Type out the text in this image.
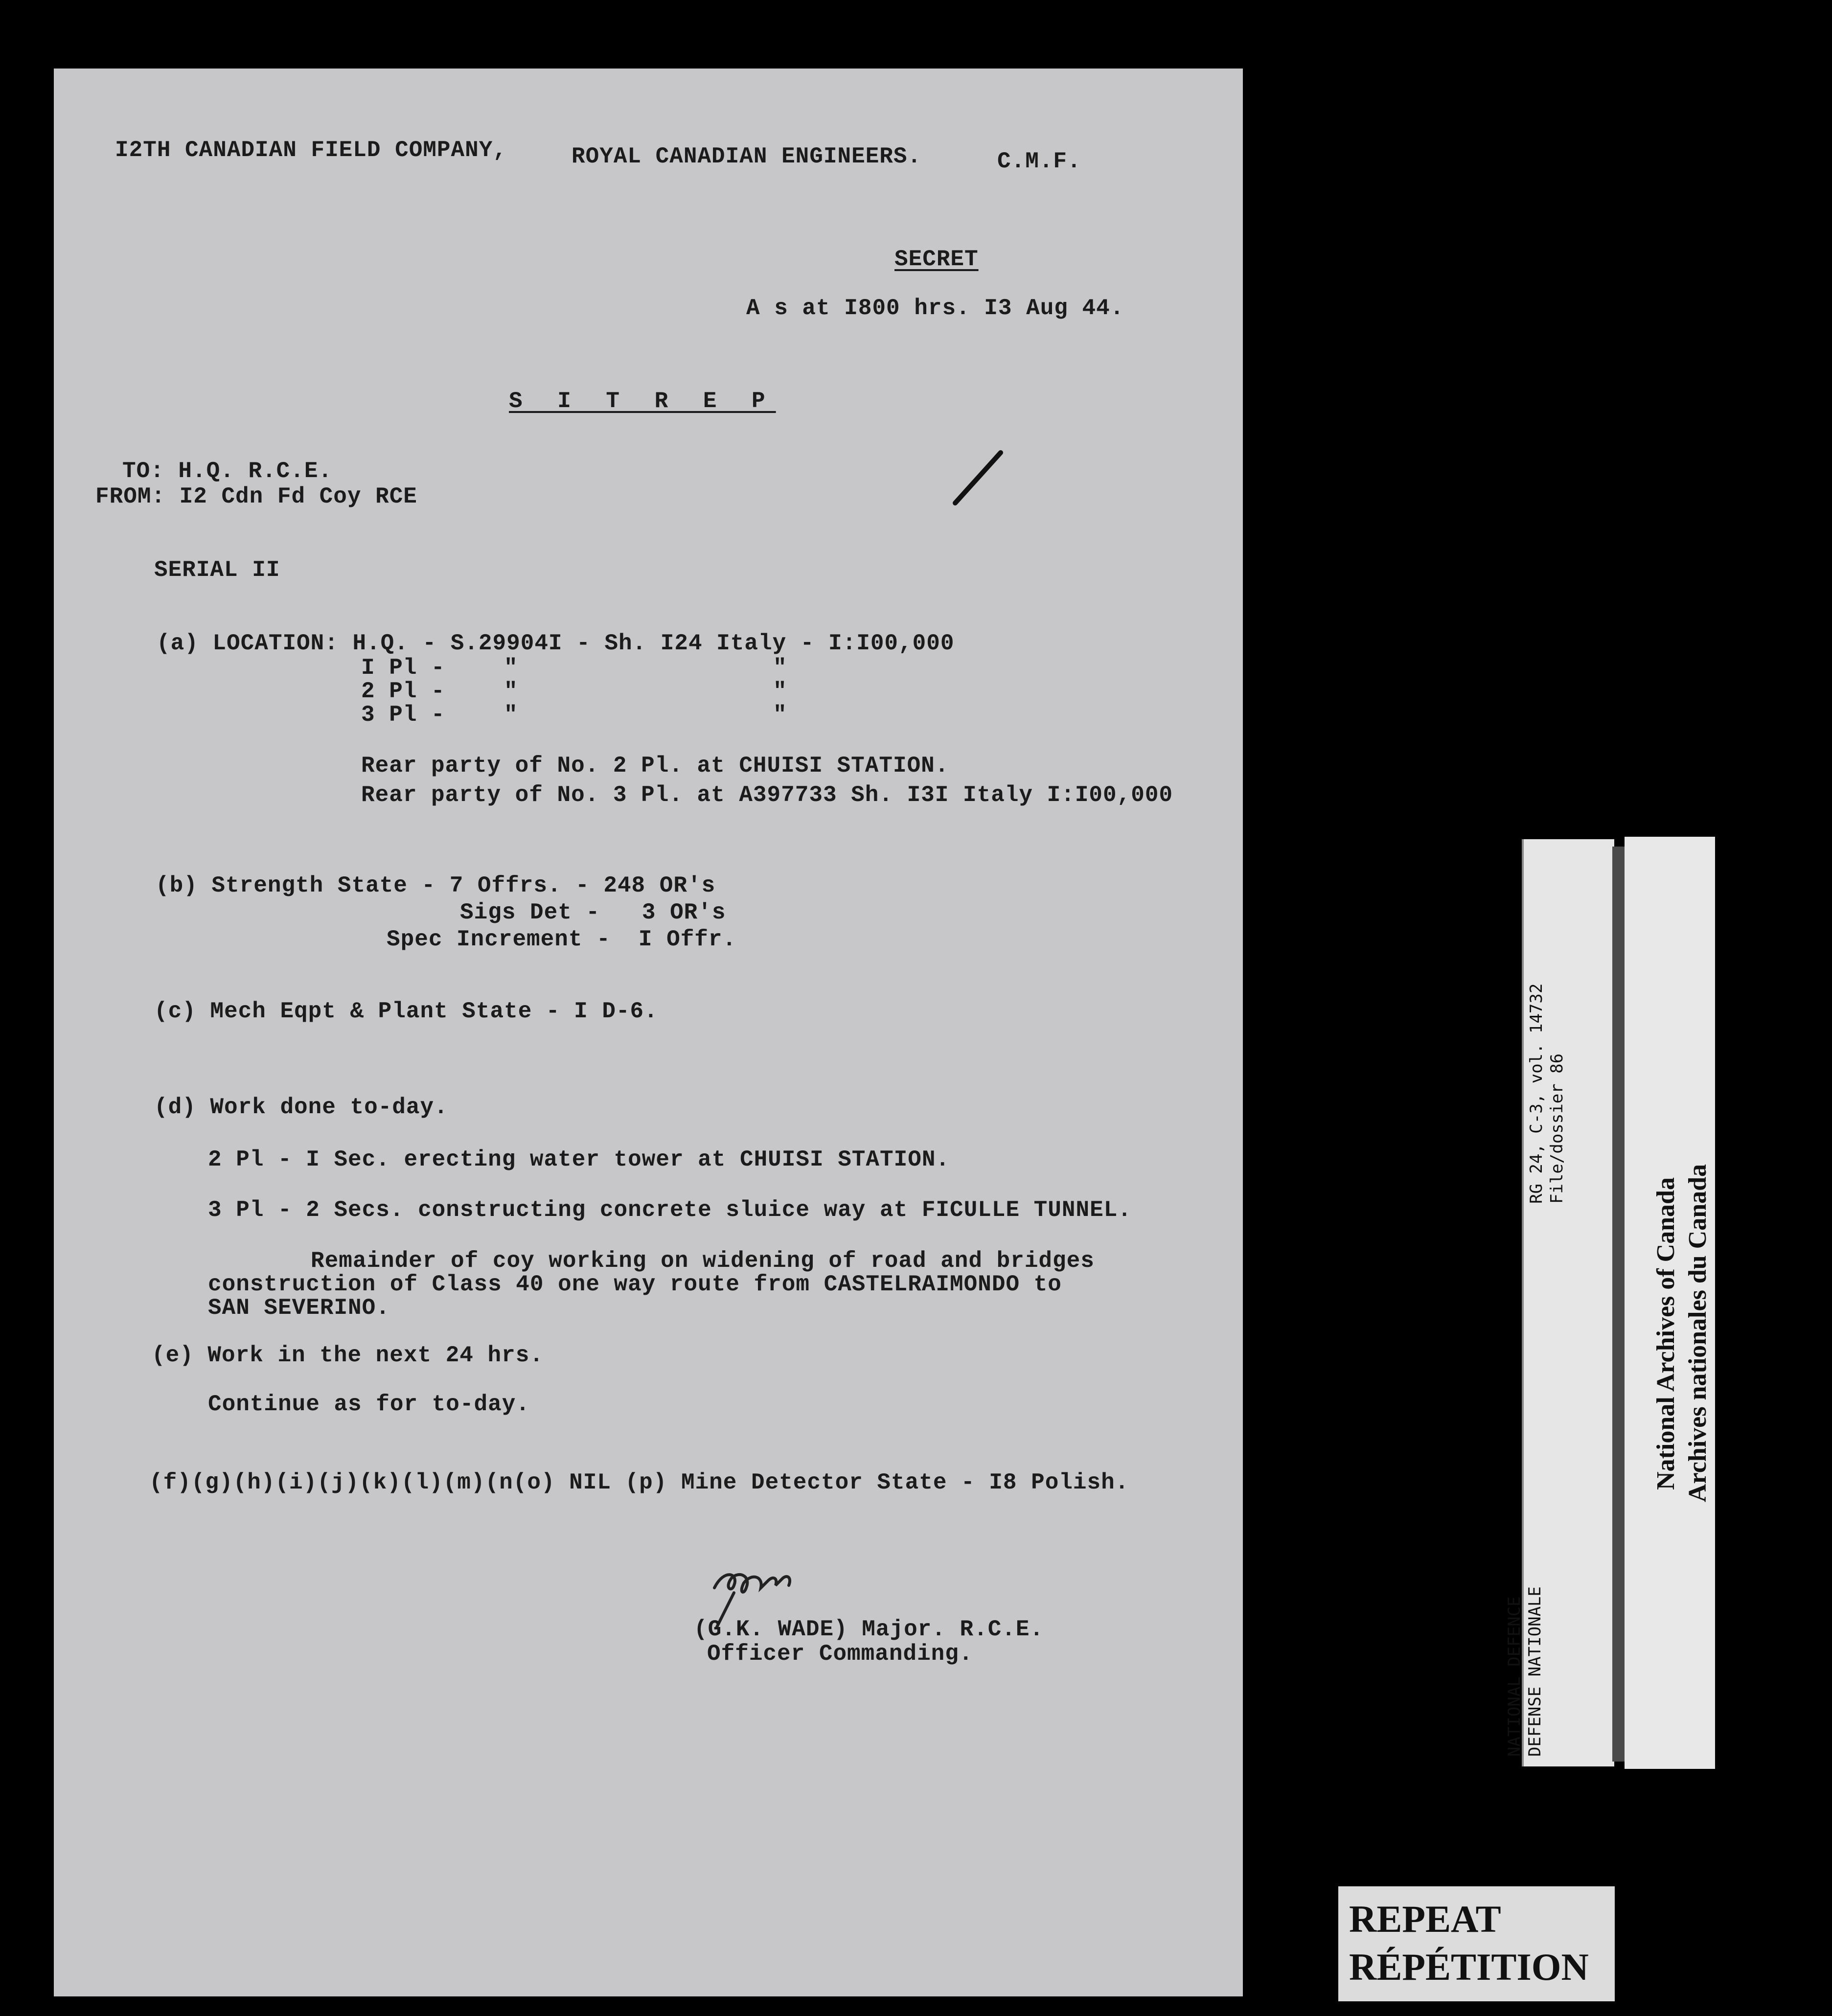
I2TH CANADIAN FIELD COMPANY,	ROYAL CANADIAN ENGINEERS.	C.M.F.
SECRET
A s at I800 hrs. I3 Aug 44.
S I T R E P
TO: H.Q. R.C.E.
FROM: I2 Cdn Fd Coy RCE
SERIAL II
(a) LOCATION: H.Q. - S.29904I - Sh. I24 Italy - I:I00,000
I Pl -	"	"
2 Pl -	"	"
3 Pl -	"	"
Rear party of No. 2 Pl. at CHUISI STATION.
Rear party of No. 3 Pl. at A397733 Sh. I3I Italy I:I00,000
(b) Strength State - 7 Offrs. - 248 OR's
Sigs Det -   3 OR's
Spec Increment -  I Offr.
(c) Mech Eqpt & Plant State - I D-6.
(d) Work done to-day.
2 Pl - I Sec. erecting water tower at CHUISI STATION.
3 Pl - 2 Secs. constructing concrete sluice way at FICULLE TUNNEL.
Remainder of coy working on widening of road and bridges
construction of Class 40 one way route from CASTELRAIMONDO to
SAN SEVERINO.
(e) Work in the next 24 hrs.
Continue as for to-day.
(f)(g)(h)(i)(j)(k)(l)(m)(n(o) NIL (p) Mine Detector State - I8 Polish.
(G.K. WADE) Major. R.C.E.
Officer Commanding.
RG 24, C-3, vol. 14732 File/dossier 86
NATIONAL DEFENCE DEFENSE NATIONALE
National Archives of Canada Archives nationales du Canada
REPEAT
RÉPÉTITION
